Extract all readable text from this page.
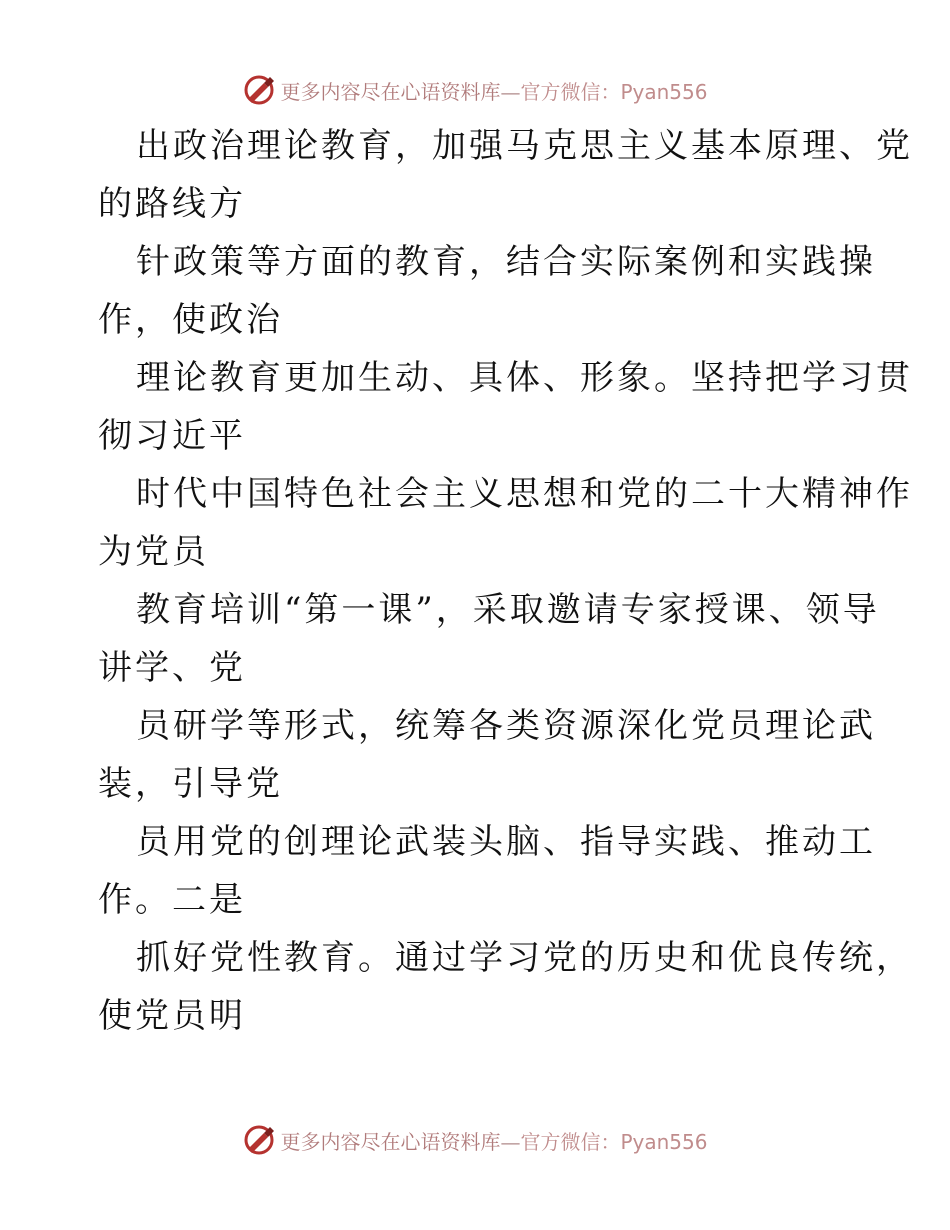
更多内容尽在心语资料库—官方微信：Pyan556
出政治理论教育，加强马克思主义基本原理、党
的路线方
针政策等方面的教育，结合实际案例和实践操
作，使政治
理论教育更加生动、具体、形象。坚持把学习贯
彻习近平
时代中国特色社会主义思想和党的二十大精神作
为党员
教育培训“第一课”，采取邀请专家授课、领导
讲学、党
员研学等形式，统筹各类资源深化党员理论武
装，引导党
员用党的创理论武装头脑、指导实践、推动工
作。二是
抓好党性教育。通过学习党的历史和优良传统，
使党员明
更多内容尽在心语资料库—官方微信：Pyan556
